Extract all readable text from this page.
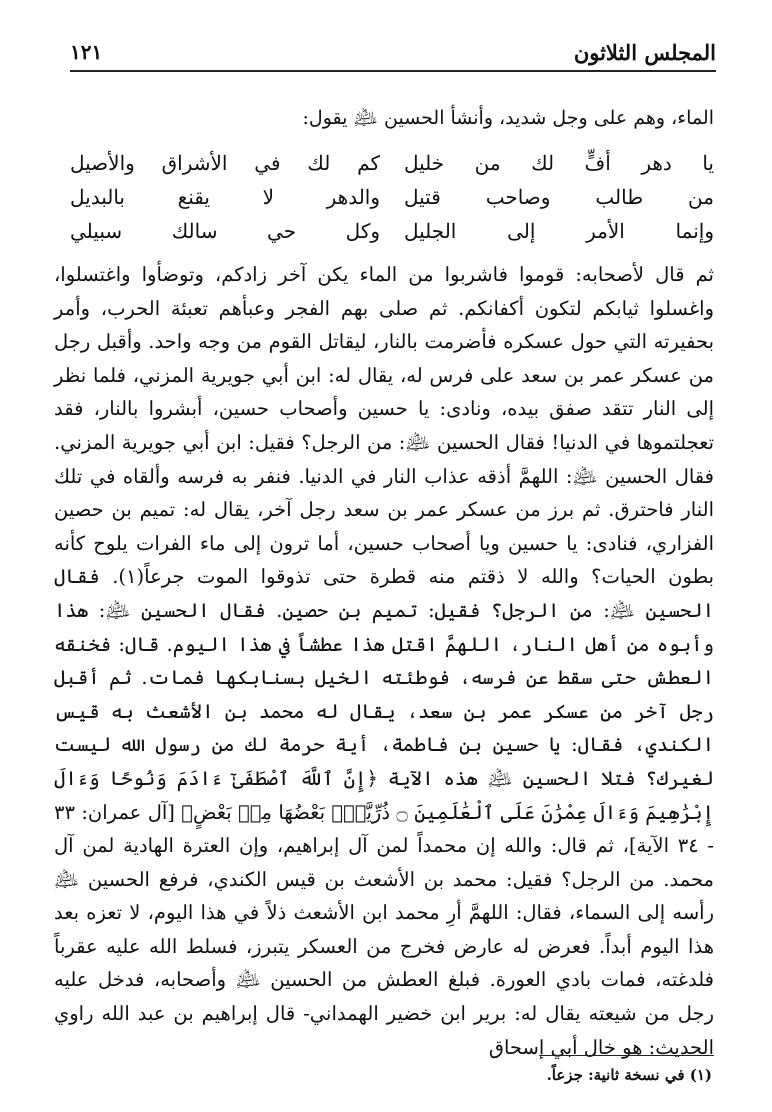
المجلس الثلاثون
١٢١
الماء، وهم على وجل شديد، وأنشأ الحسين ﵇ يقول:
يا دهر أفٍّ لك من خليل
كم لك في الأشراق والأصيل
من طالب وصاحب قتيل
والدهر لا يقنع بالبديل
وإنما الأمر إلى الجليل
وكل حي سالك سبيلي

ثم قال لأصحابه: قوموا فاشربوا من الماء يكن آخر زادكم، وتوضأوا واغتسلوا، واغسلوا ثيابكم لتكون أكفانكم. ثم صلى بهم الفجر وعبأهم تعبئة الحرب، وأمر بحفيرته التي حول عسكره فأضرمت بالنار، ليقاتل القوم من وجه واحد. وأقبل رجل من عسكر عمر بن سعد على فرس له، يقال له: ابن أبي جويرية المزني، فلما نظر إلى النار تتقد صفق بيده، ونادى: يا حسين وأصحاب حسين، أبشروا بالنار، فقد تعجلتموها في الدنيا! فقال الحسين ﵇: من الرجل؟ فقيل: ابن أبي جويرية المزني. فقال الحسين ﵇: اللهمَّ أذقه عذاب النار في الدنيا. فنفر به فرسه وألقاه في تلك النار فاحترق. ثم برز من عسكر عمر بن سعد رجل آخر، يقال له: تميم بن حصين الفزاري، فنادى: يا حسين ويا أصحاب حسين، أما ترون إلى ماء الفرات يلوح كأنه بطون الحيات؟ والله لا ذقتم منه قطرة حتى تذوقوا الموت جرعاً(١). فقال الحسين ﵇: من الرجل؟ فقيل: تميم بن حصين. فقال الحسين ﵇: هذا وأبوه من أهل النار، اللهمَّ اقتل هذا عطشاً في هذا اليوم. قال: فخنقه العطش حتى سقط عن فرسه، فوطئته الخيل بسنابكها فمات. ثم أقبل رجل آخر من عسكر عمر بن سعد، يقال له محمد بن الأشعث به قيس الكندي، فقال: يا حسين بن فاطمة، أية حرمة لك من رسول الله ليست لغيرك؟ فتلا الحسين ﵇ هذه الآية ﴿إِنَّ ٱللَّهَ ٱصْطَفَىٰٓ ءَادَمَ وَنُوحًا وَءَالَ إِبْرَٰهِيمَ وَءَالَ عِمْرَٰنَ عَلَى ٱلْعَٰلَمِينَ ۝ ذُرِّيَّةًۢ بَعْضُهَا مِنۢ بَعْضٍ﴾ [آل عمران: ٣٣ - ٣٤ الآية]، ثم قال: والله إن محمداً لمن آل إبراهيم، وإن العترة الهادية لمن آل محمد. من الرجل؟ فقيل: محمد بن الأشعث بن قيس الكندي، فرفع الحسين ﵇ رأسه إلى السماء، فقال: اللهمَّ أرِ محمد ابن الأشعث ذلاً في هذا اليوم، لا تعزه بعد هذا اليوم أبداً. فعرض له عارض فخرج من العسكر يتبرز، فسلط الله عليه عقرباً فلدغته، فمات بادي العورة. فبلغ العطش من الحسين ﵇ وأصحابه، فدخل عليه رجل من شيعته يقال له: برير ابن خضير الهمداني- قال إبراهيم بن عبد الله راوي الحديث: هو خال أبي إسحاق

(١) في نسخة ثانية: جزعاً.
